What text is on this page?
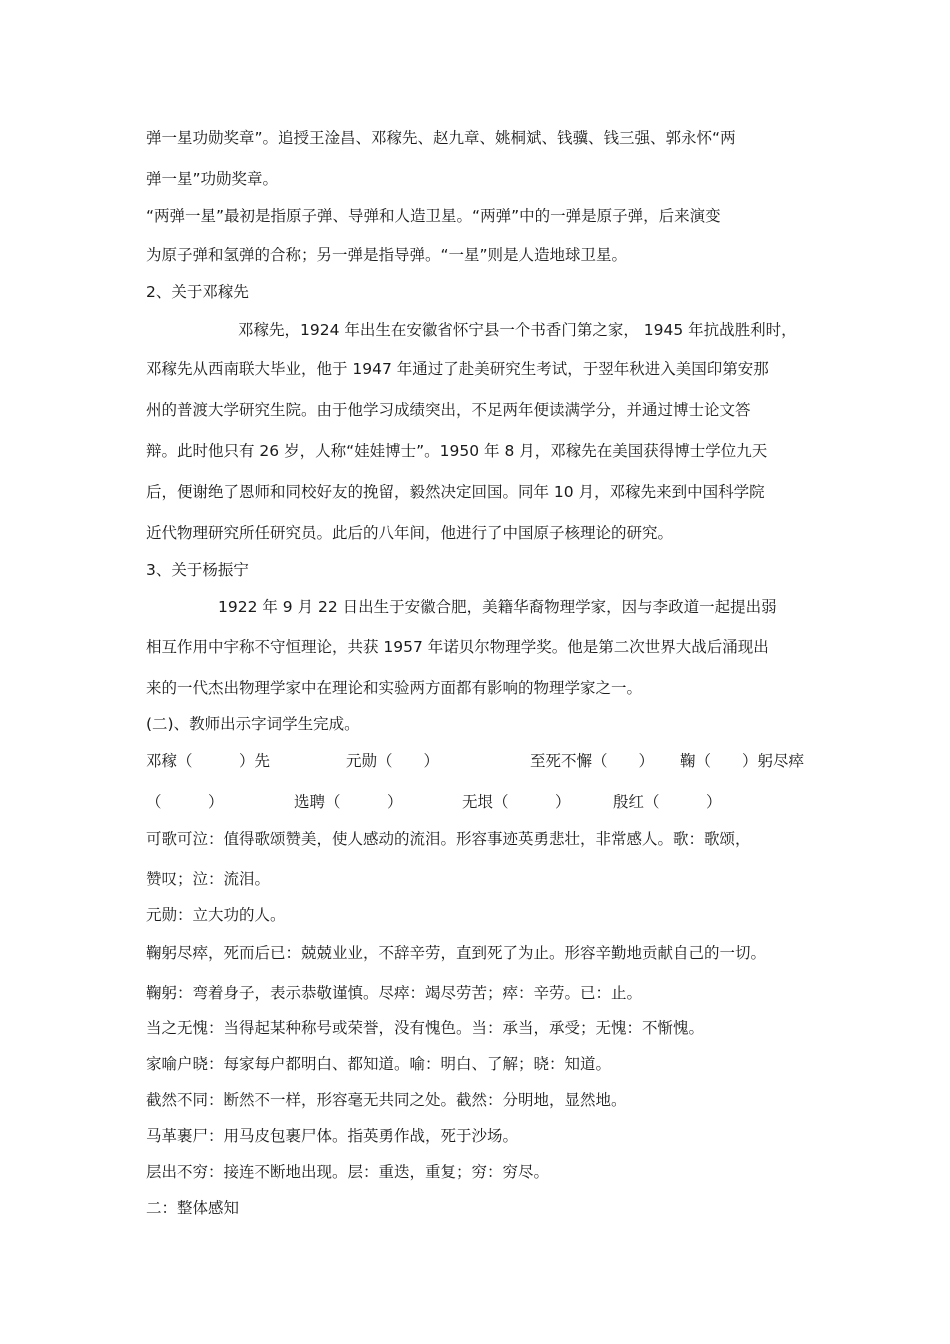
弹一星功勋奖章”。追授王淦昌、邓稼先、赵九章、姚桐斌、钱骥、钱三强、郭永怀“两
弹一星”功勋奖章。
“两弹一星”最初是指原子弹、导弹和人造卫星。“两弹”中的一弹是原子弹，后来演变
为原子弹和氢弹的合称；另一弹是指导弹。“一星”则是人造地球卫星。
2、关于邓稼先
邓稼先，1924 年出生在安徽省怀宁县一个书香门第之家， 1945 年抗战胜利时，
邓稼先从西南联大毕业，他于 1947 年通过了赴美研究生考试，于翌年秋进入美国印第安那
州的普渡大学研究生院。由于他学习成绩突出，不足两年便读满学分，并通过博士论文答
辩。此时他只有 26 岁，人称“娃娃博士”。1950 年 8 月，邓稼先在美国获得博士学位九天
后，便谢绝了恩师和同校好友的挽留，毅然决定回国。同年 10 月，邓稼先来到中国科学院
近代物理研究所任研究员。此后的八年间，他进行了中国原子核理论的研究。
3、关于杨振宁
1922 年 9 月 22 日出生于安徽合肥，美籍华裔物理学家，因与李政道一起提出弱
相互作用中宇称不守恒理论，共获 1957 年诺贝尔物理学奖。他是第二次世界大战后涌现出
来的一代杰出物理学家中在理论和实验两方面都有影响的物理学家之一。
(二)、教师出示字词学生完成。
邓稼（　　　）先	元勋（　　）	至死不懈（　　） 鞠（　　）躬尽瘁
（　　　）	选聘（　　　）	无垠（　　　）	殷红（　　　）
可歌可泣：值得歌颂赞美，使人感动的流泪。形容事迹英勇悲壮，非常感人。歌：歌颂，
赞叹；泣：流泪。
元勋：立大功的人。
鞠躬尽瘁，死而后已：兢兢业业，不辞辛劳，直到死了为止。形容辛勤地贡献自己的一切。
鞠躬：弯着身子，表示恭敬谨慎。尽瘁：竭尽劳苦；瘁：辛劳。已：止。
当之无愧：当得起某种称号或荣誉，没有愧色。当：承当，承受；无愧：不惭愧。
家喻户晓：每家每户都明白、都知道。喻：明白、了解；晓：知道。
截然不同：断然不一样，形容毫无共同之处。截然：分明地，显然地。
马革裹尸：用马皮包裹尸体。指英勇作战，死于沙场。
层出不穷：接连不断地出现。层：重迭，重复；穷：穷尽。
二：整体感知
